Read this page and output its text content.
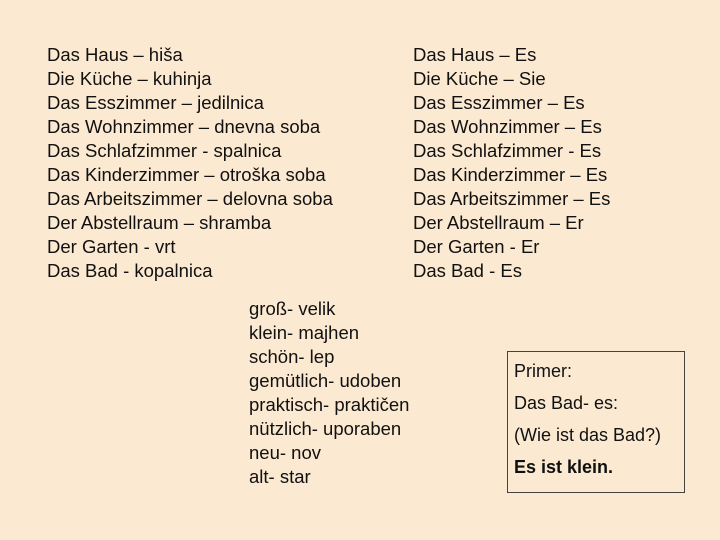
Das Haus – hiša
Die Küche – kuhinja
Das Esszimmer – jedilnica
Das Wohnzimmer – dnevna soba
Das Schlafzimmer - spalnica
Das Kinderzimmer – otroška soba
Das Arbeitszimmer – delovna soba
Der Abstellraum – shramba
Der Garten - vrt
Das Bad - kopalnica
Das Haus – Es
Die Küche – Sie
Das Esszimmer – Es
Das Wohnzimmer – Es
Das Schlafzimmer - Es
Das Kinderzimmer – Es
Das Arbeitszimmer – Es
Der Abstellraum – Er
Der Garten - Er
Das Bad - Es
groß- velik
klein- majhen
schön- lep
gemütlich- udoben
praktisch- praktičen
nützlich- uporaben
neu- nov
alt- star
Primer:
Das Bad- es:
(Wie ist das Bad?)
Es ist klein.
